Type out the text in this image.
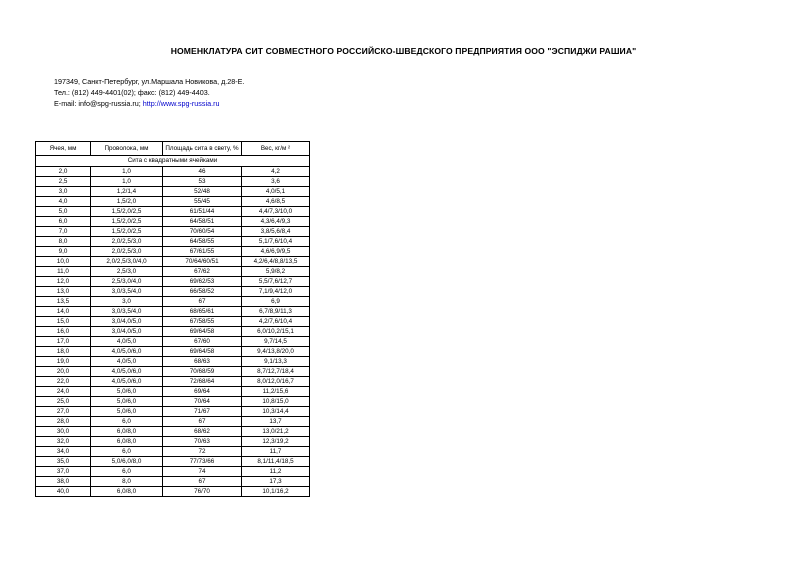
НОМЕНКЛАТУРА СИТ СОВМЕСТНОГО РОССИЙСКО-ШВЕДСКОГО ПРЕДПРИЯТИЯ ООО "ЭСПИДЖИ РАШИА"
197349, Санкт-Петербург, ул.Маршала Новикова, д.28-Е.
Тел.: (812) 449-4401(02); факс: (812) 449-4403.
E-mail: info@spg-russia.ru; http://www.spg-russia.ru
Ячея, мм	Проволока, мм	Площадь сита в свету, %	Вес, кг/м ²
Сита с квадратными ячейками			
2,0	1,0	46	4,2
2,5	1,0	53	3,6
3,0	1,2/1,4	52/48	4,0/5,1
4,0	1,5/2,0	55/45	4,6/8,5
5,0	1,5/2,0/2,5	61/51/44	4,4/7,3/10,0
6,0	1,5/2,0/2,5	64/58/51	4,3/6,4/9,3
7,0	1,5/2,0/2,5	70/60/54	3,8/5,6/8,4
8,0	2,0/2,5/3,0	64/58/55	5,1/7,6/10,4
9,0	2,0/2,5/3,0	67/61/55	4,6/6,9/9,5
10,0	2,0/2,5/3,0/4,0	70/64/60/51	4,2/6,4/8,8/13,5
11,0	2,5/3,0	67/62	5,9/8,2
12,0	2,5/3,0/4,0	69/62/53	5,5/7,6/12,7
13,0	3,0/3,5/4,0	66/58/52	7,1/9,4/12,0
13,5	3,0	67	6,9
14,0	3,0/3,5/4,0	68/65/61	6,7/8,9/11,3
15,0	3,0/4,0/5,0	67/58/55	4,2/7,6/10,4
16,0	3,0/4,0/5,0	69/64/58	6,0/10,2/15,1
17,0	4,0/5,0	67/60	9,7/14,5
18,0	4,0/5,0/6,0	69/64/58	9,4/13,8/20,0
19,0	4,0/5,0	68/63	9,1/13,3
20,0	4,0/5,0/6,0	70/68/59	8,7/12,7/18,4
22,0	4,0/5,0/6,0	72/68/64	8,0/12,0/16,7
24,0	5,0/6,0	69/64	11,2/15,6
25,0	5,0/6,0	70/64	10,8/15,0
27,0	5,0/6,0	71/67	10,3/14,4
28,0	6,0	67	13,7
30,0	6,0/8,0	68/62	13,0/21,2
32,0	6,0/8,0	70/63	12,3/19,2
34,0	6,0	72	11,7
35,0	5,0/6,0/8,0	77/73/66	8,1/11,4/18,5
37,0	6,0	74	11,2
38,0	8,0	67	17,3
40,0	6,0/8,0	76/70	10,1/16,2
